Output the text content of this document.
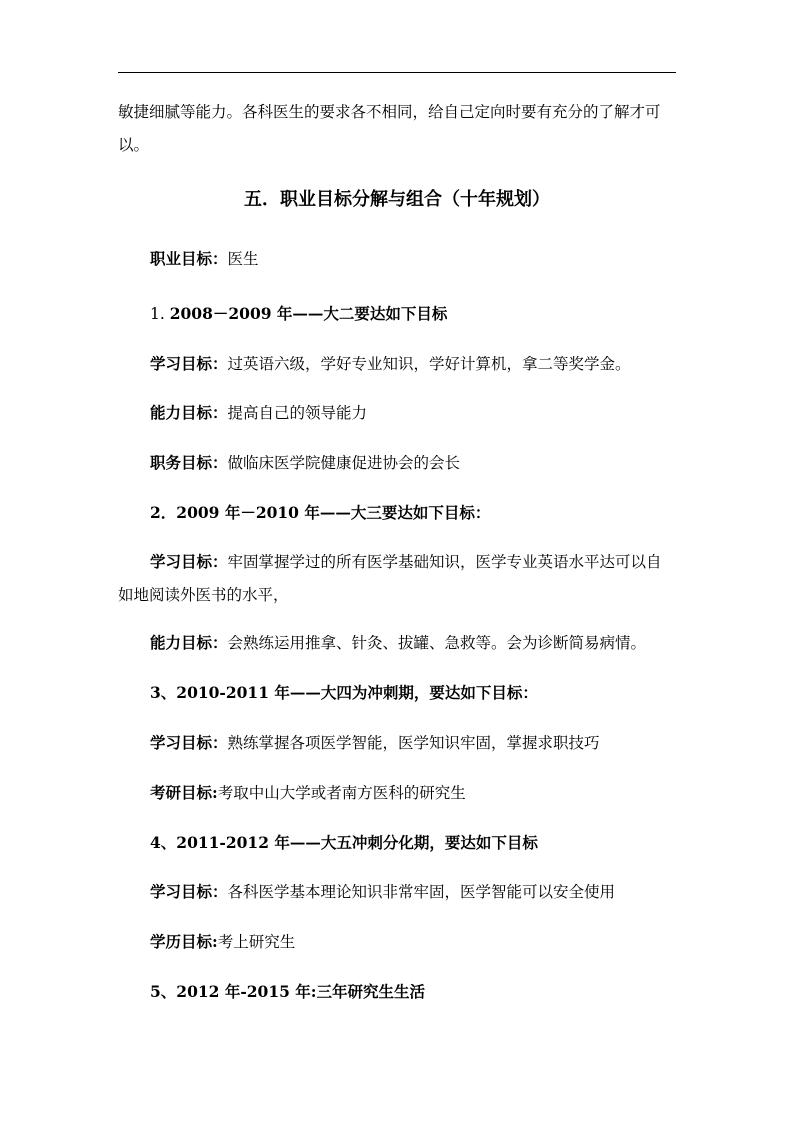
敏捷细腻等能力。各科医生的要求各不相同，给自己定向时要有充分的了解才可以。
五．职业目标分解与组合（十年规划）
职业目标：医生
1. 2008－2009 年——大二要达如下目标
学习目标：过英语六级，学好专业知识，学好计算机，拿二等奖学金。
能力目标：提高自己的领导能力
职务目标：做临床医学院健康促进协会的会长
2．2009 年－2010 年——大三要达如下目标：
学习目标：牢固掌握学过的所有医学基础知识，医学专业英语水平达可以自如地阅读外医书的水平，
能力目标：会熟练运用推拿、针灸、拔罐、急救等。会为诊断简易病情。
3、2010-2011 年——大四为冲刺期，要达如下目标：
学习目标：熟练掌握各项医学智能，医学知识牢固，掌握求职技巧
考研目标:考取中山大学或者南方医科的研究生
4、2011-2012 年——大五冲刺分化期，要达如下目标
学习目标：各科医学基本理论知识非常牢固，医学智能可以安全使用
学历目标:考上研究生
5、2012 年-2015 年:三年研究生生活
